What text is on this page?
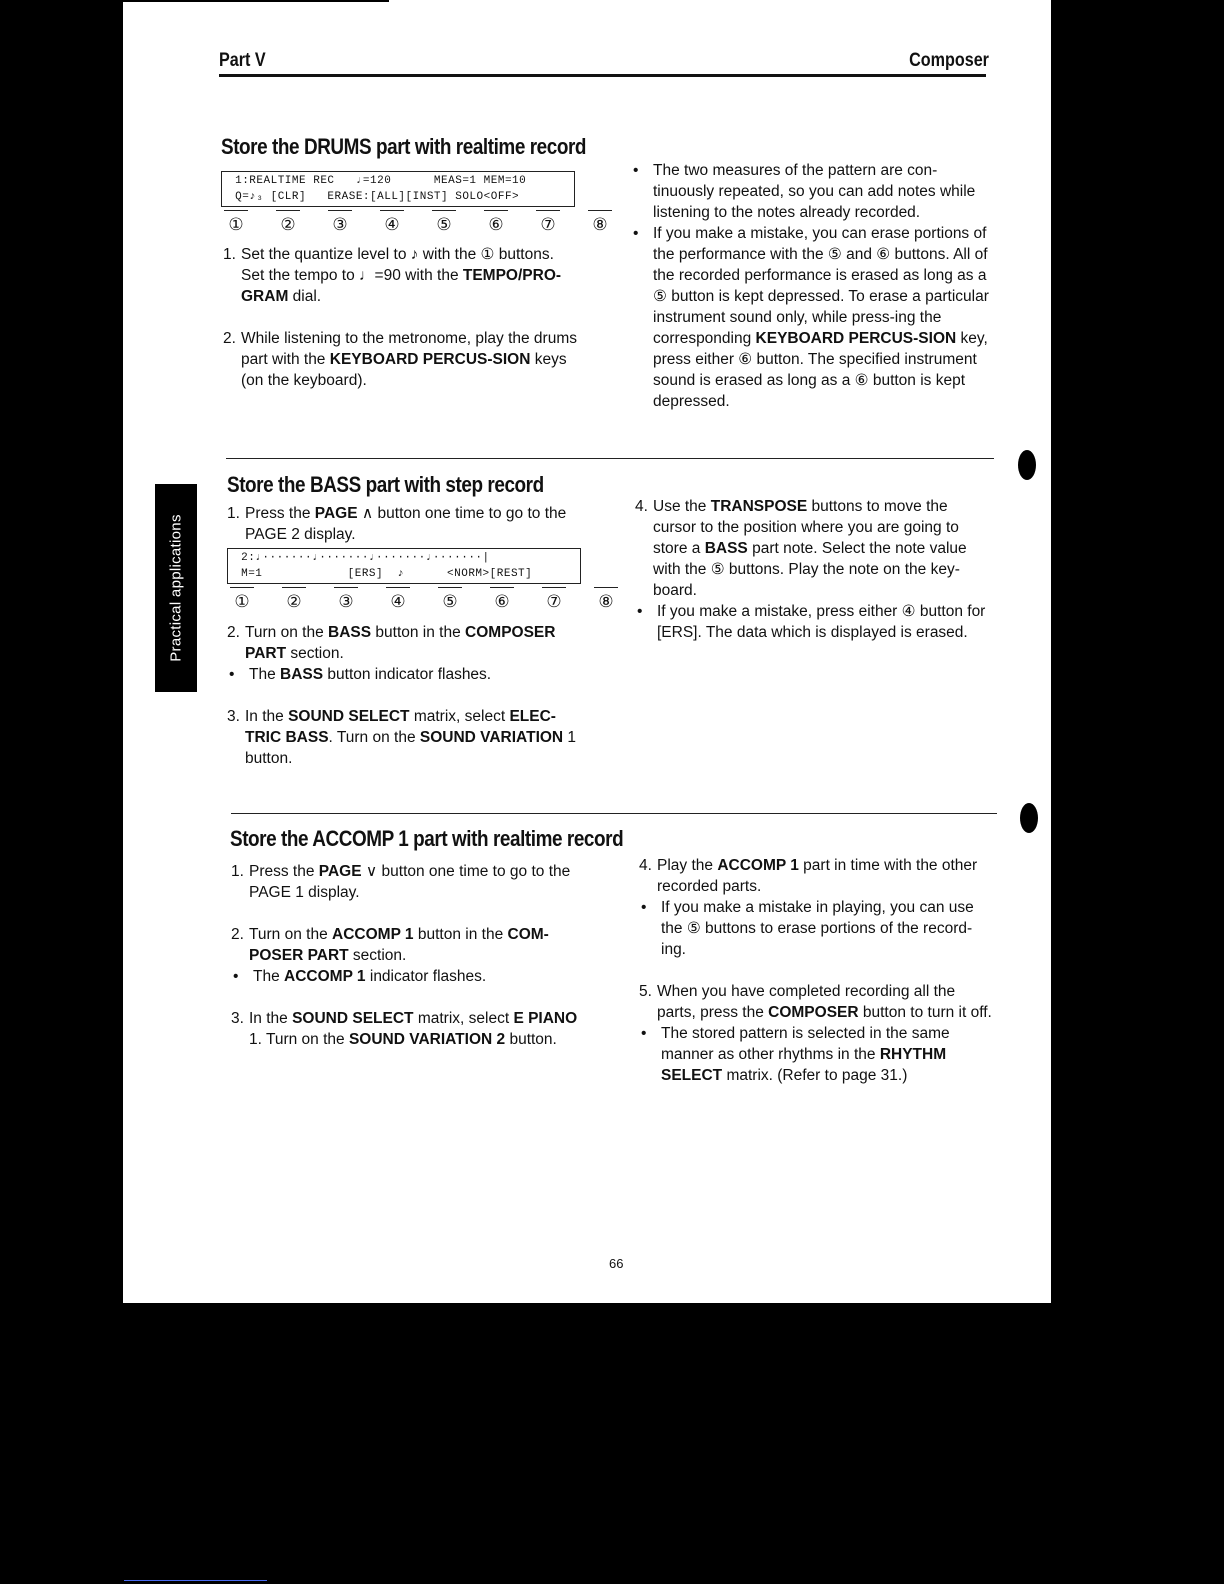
Part V	Composer
Store the DRUMS part with realtime record
1:REALTIME REC   ♩=120      MEAS=1 MEM=10
Q=♪₃ [CLR]   ERASE:[ALL][INST] SOLO<OFF>
①	②	③	④	⑤	⑥	⑦	⑧

1. Set the quantize level to ♪ with the ① buttons. Set the tempo to ♩=90 with the TEMPO/PRO-GRAM dial.

2. While listening to the metronome, play the drums part with the KEYBOARD PERCUS-SION keys (on the keyboard).

• The two measures of the pattern are con-tinuously repeated, so you can add notes while listening to the notes already recorded.

• If you make a mistake, you can erase portions of the performance with the ⑤ and ⑥ buttons. All of the recorded performance is erased as long as a ⑤ button is kept depressed. To erase a particular instrument sound only, while press-ing the corresponding KEYBOARD PERCUS-SION key, press either ⑥ button. The specified instrument sound is erased as long as a ⑥ button is kept depressed.

Store the BASS part with step record

1. Press the PAGE ∧ button one time to go to the PAGE 2 display.

2:♩·······♩·······♩·······♩·······|
M=1            [ERS]  ♪      <NORM>[REST]
①	②	③	④	⑤	⑥	⑦	⑧

2. Turn on the BASS button in the COMPOSER PART section.

• The BASS button indicator flashes.

3. In the SOUND SELECT matrix, select ELEC-TRIC BASS. Turn on the SOUND VARIATION 1 button.

4. Use the TRANSPOSE buttons to move the cursor to the position where you are going to store a BASS part note. Select the note value with the ⑤ buttons. Play the note on the key-board.

• If you make a mistake, press either ④ button for [ERS]. The data which is displayed is erased.

Store the ACCOMP 1 part with realtime record

1. Press the PAGE ∨ button one time to go to the PAGE 1 display.

2. Turn on the ACCOMP 1 button in the COM-POSER PART section.

• The ACCOMP 1 indicator flashes.

3. In the SOUND SELECT matrix, select E PIANO 1. Turn on the SOUND VARIATION 2 button.

4. Play the ACCOMP 1 part in time with the other recorded parts.

• If you make a mistake in playing, you can use the ⑤ buttons to erase portions of the record-ing.

5. When you have completed recording all the parts, press the COMPOSER button to turn it off.

• The stored pattern is selected in the same manner as other rhythms in the RHYTHM SELECT matrix. (Refer to page 31.)

66
Practical applications
